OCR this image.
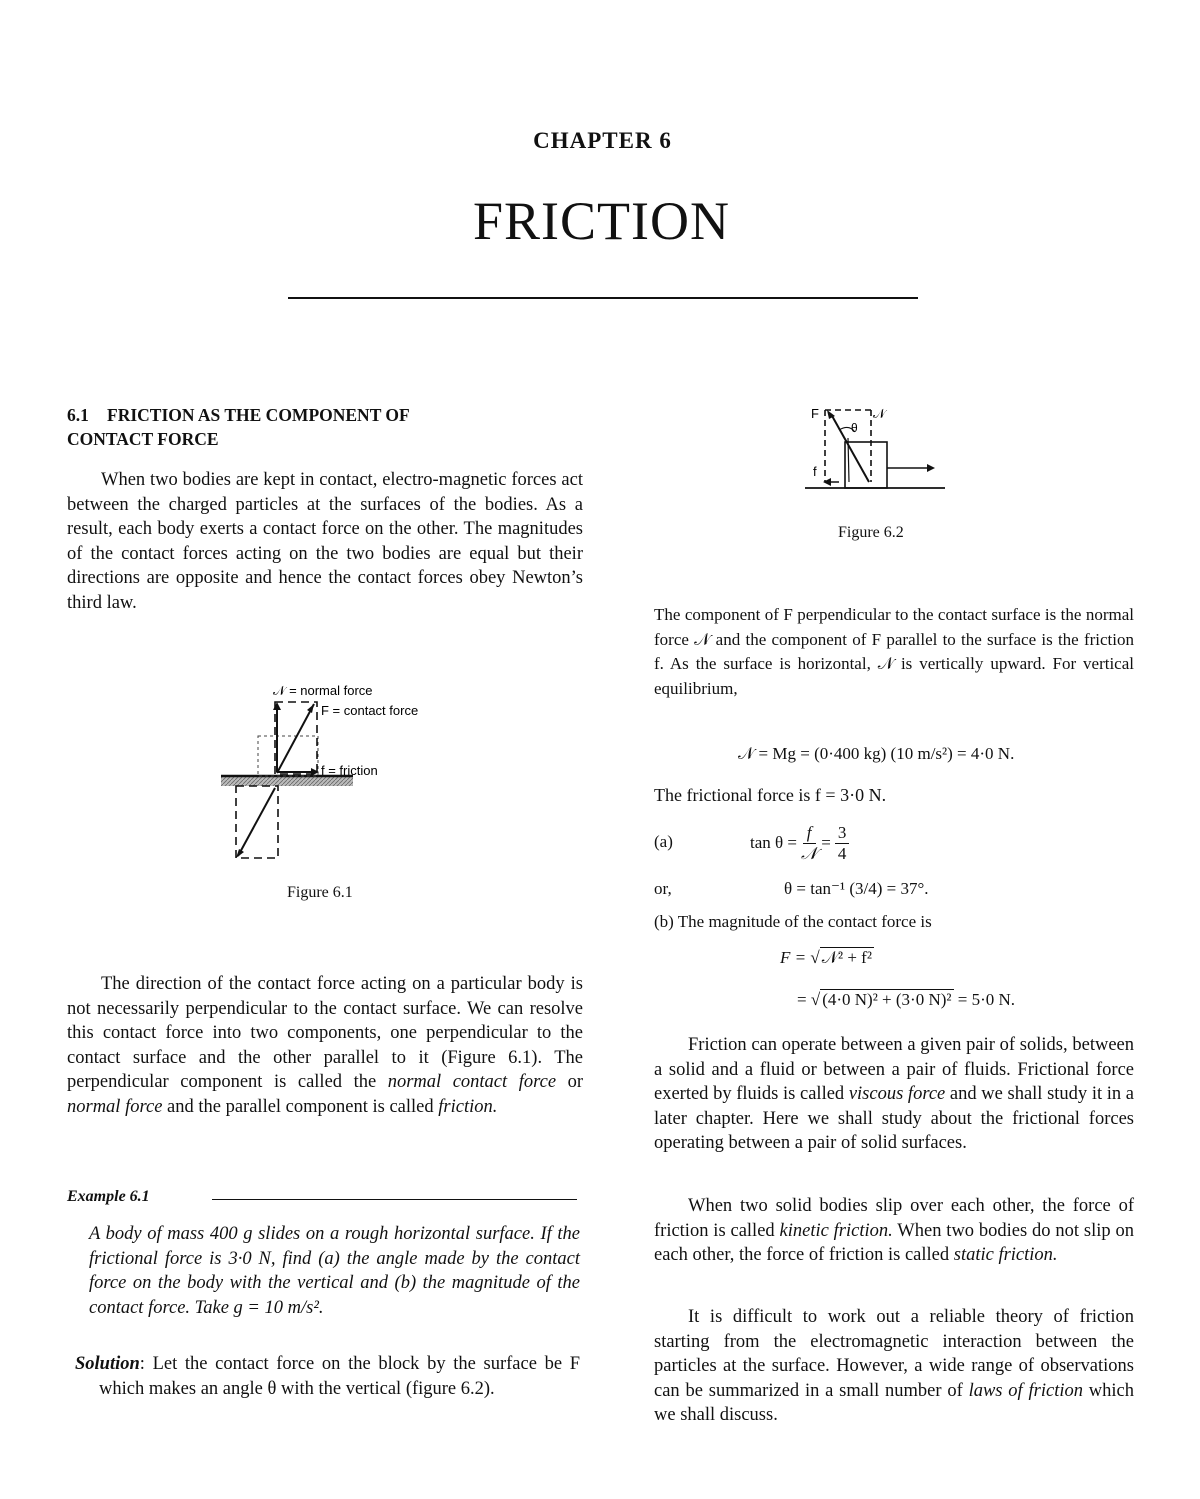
CHAPTER 6
FRICTION
6.1 FRICTION AS THE COMPONENT OF
CONTACT FORCE

When two bodies are kept in contact, electro-magnetic forces act between the charged particles at the surfaces of the bodies. As a result, each body exerts a contact force on the other. The magnitudes of the contact forces acting on the two bodies are equal but their directions are opposite and hence the contact forces obey Newton’s third law.

𝒩 = normal force
F = contact force
f = friction
Figure 6.1

The direction of the contact force acting on a particular body is not necessarily perpendicular to the contact surface. We can resolve this contact force into two components, one perpendicular to the contact surface and the other parallel to it (Figure 6.1). The perpendicular component is called the normal contact force or normal force and the parallel component is called friction.

Example 6.1

A body of mass 400 g slides on a rough horizontal surface. If the frictional force is 3·0 N, find (a) the angle made by the contact force on the body with the vertical and (b) the magnitude of the contact force. Take g = 10 m/s².

Solution: Let the contact force on the block by the surface be F which makes an angle θ with the vertical (figure 6.2).

F
θ
𝒩
f
Figure 6.2

The component of F perpendicular to the contact surface is the normal force 𝒩 and the component of F parallel to the surface is the friction f. As the surface is horizontal, 𝒩 is vertically upward. For vertical equilibrium,

𝒩 = Mg = (0·400 kg) (10 m/s²) = 4·0 N.
The frictional force is f = 3·0 N.
(a)	tan θ =
f
𝒩
= $\frac{3}{4}$
or,	θ = tan⁻¹ (3/4) = 37°.
(b) The magnitude of the contact force is
F = √ 𝒩² + f²
= √ (4·0 N)² + (3·0 N)² = 5·0 N.

Friction can operate between a given pair of solids, between a solid and a fluid or between a pair of fluids. Frictional force exerted by fluids is called viscous force and we shall study it in a later chapter. Here we shall study about the frictional forces operating between a pair of solid surfaces.

When two solid bodies slip over each other, the force of friction is called kinetic friction. When two bodies do not slip on each other, the force of friction is called static friction.

It is difficult to work out a reliable theory of friction starting from the electromagnetic interaction between the particles at the surface. However, a wide range of observations can be summarized in a small number of laws of friction which we shall discuss.
